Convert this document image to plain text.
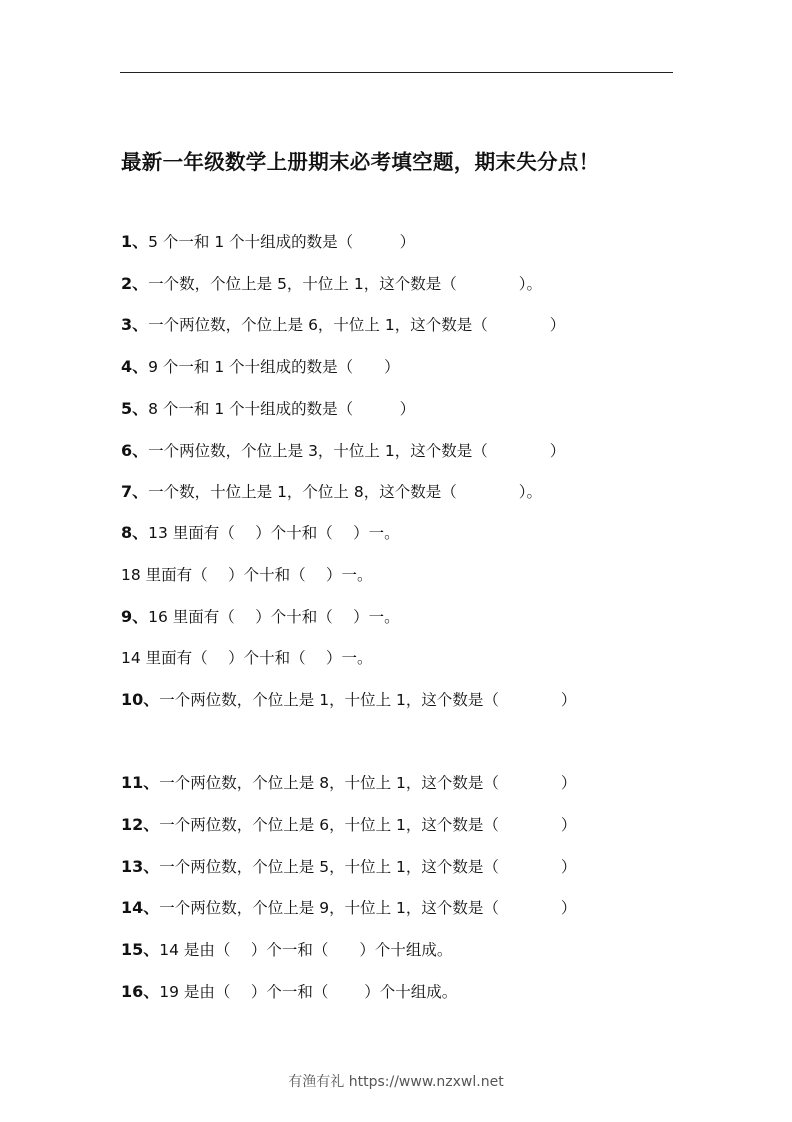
最新一年级数学上册期末必考填空题，期末失分点！
1、5 个一和 1 个十组成的数是（　　　）
2、一个数，个位上是 5，十位上 1，这个数是（　　　　）。
3、一个两位数，个位上是 6，十位上 1，这个数是（　　　　）
4、9 个一和 1 个十组成的数是（　　）
5、8 个一和 1 个十组成的数是（　　　）
6、一个两位数，个位上是 3，十位上 1，这个数是（　　　　）
7、一个数，十位上是 1，个位上 8，这个数是（　　　　）。
8、13 里面有（　 ）个十和（　 ）一。
18 里面有（　 ）个十和（　 ）一。
9、16 里面有（　 ）个十和（　 ）一。
14 里面有（　 ）个十和（　 ）一。
10、一个两位数，个位上是 1，十位上 1，这个数是（　　　　）
11、一个两位数，个位上是 8，十位上 1，这个数是（　　　　）
12、一个两位数，个位上是 6，十位上 1，这个数是（　　　　）
13、一个两位数，个位上是 5，十位上 1，这个数是（　　　　）
14、一个两位数，个位上是 9，十位上 1，这个数是（　　　　）
15、14 是由（　 ）个一和（　　）个十组成。
16、19 是由（　 ）个一和（　　 ）个十组成。
有渔有礼 https://www.nzxwl.net
